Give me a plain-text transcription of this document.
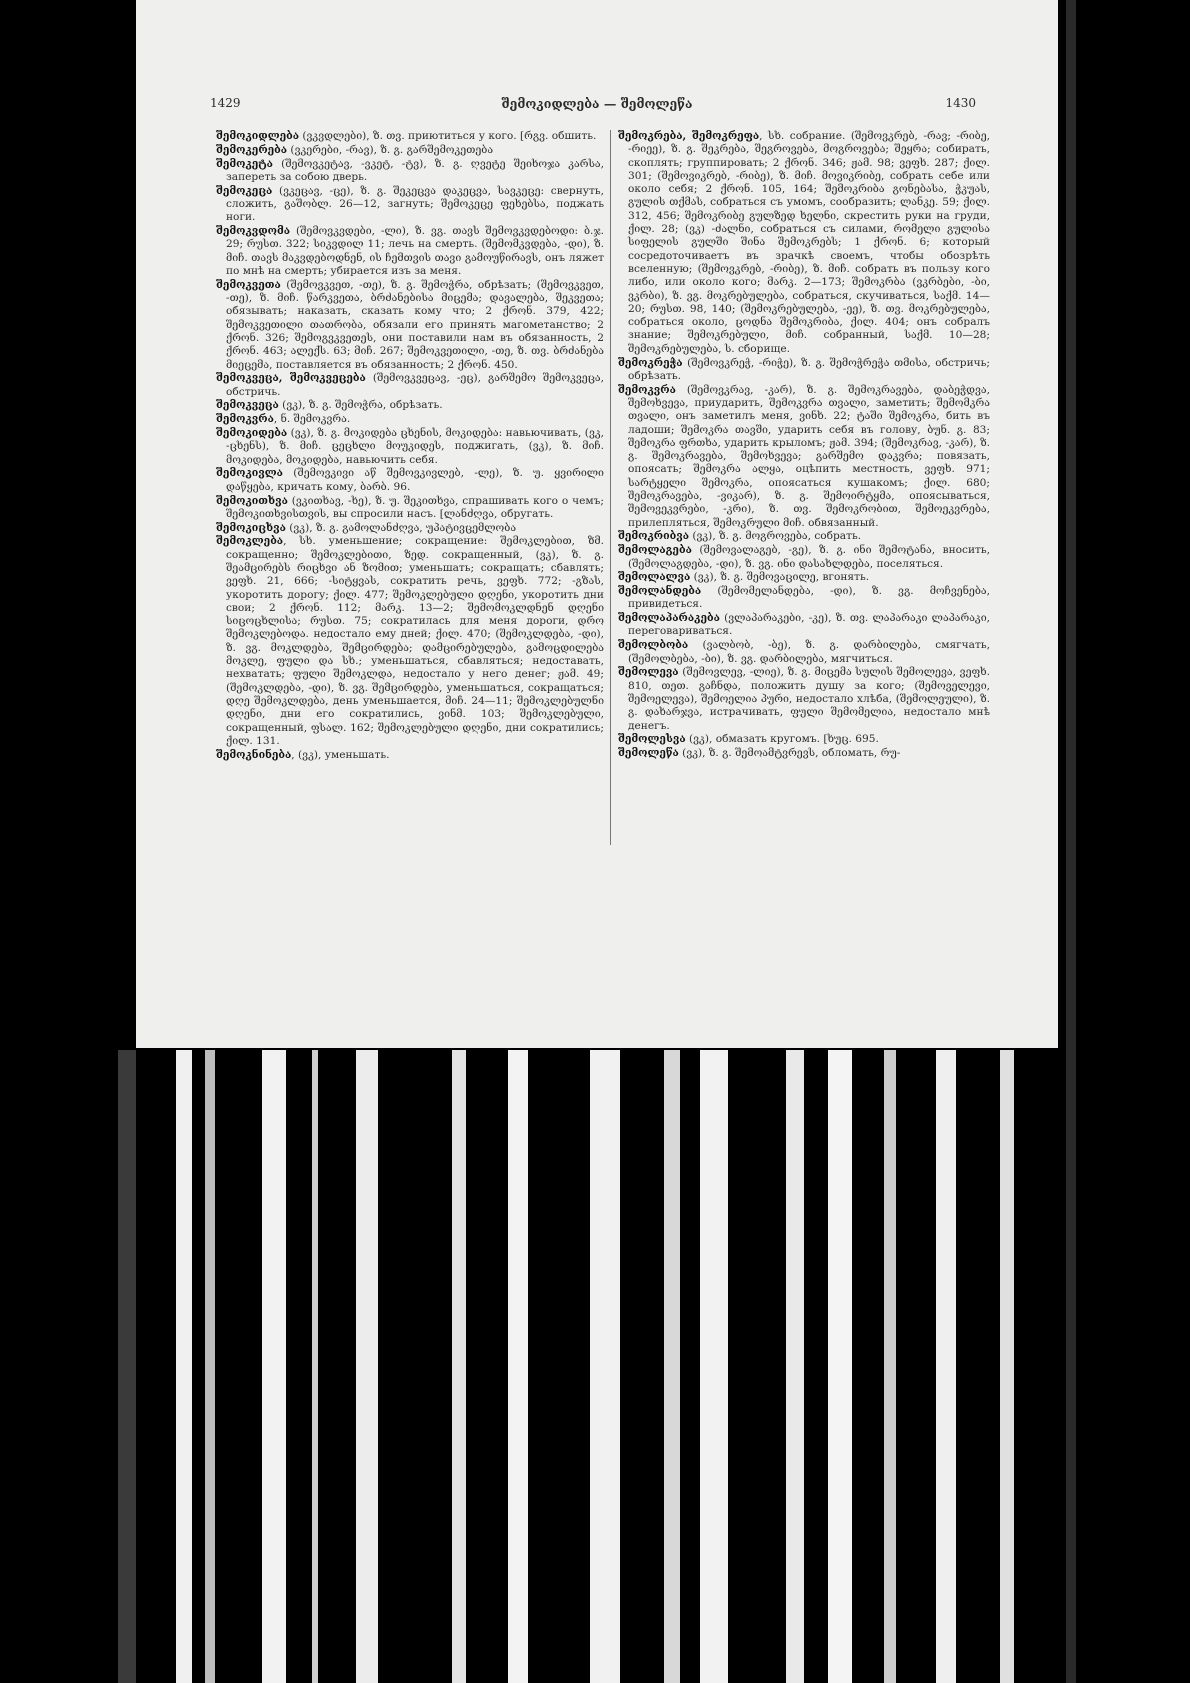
1429	შემოკიდლება — შემოლეწა	1430
შემოკიდლება (ვკვდლები), ზ. თვ. приютиться у кого. [რგვ. обшить.
შემოკერება (ვკერები, -რავ), ზ. გ. გარშემოკეთება
შემოკეტა (შემოვკეტავ, -ვკეტ, -ტვ), ზ. გ. ღვეტე შეიხოჯა კარსა, запереть за собою дверь.
შემოკეცა (ვკეცავ, -ცე), ზ. გ. შეკეცვა დაკეცვა, სავკეცე: свернуть, сложить, გაშობლ. 26—12, загнуть; შემოკეცე ფეხებსა, поджать ноги.
შემოკვდომა (შემოვკვდები, -ლი), ზ. ვგ. თავს შემოვკვდებოდი: ბ.ჯ. 29; რუსთ. 322; სიკვდილ 11; лечь на смерть. (შემომკვდება, -დი), ზ. მიჩ. თავს მაკვდებოდნენ, ის ჩემთვის თავი გამოუწირავს, онъ ляжет по мнѣ на смерть; убирается изъ за меня.
შემოკვეთა (შემოვკვეთ, -თე), ზ. გ. შემოჭრა, обрѣзать; (შემოვკვეთ, -თე), ზ. მიჩ. წარკვეთა, ბრძანებისა მიცემა; დავალება, შეკვეთა; обязывать; наказать, сказать кому что; 2 ქრონ. 379, 422; შემოკვეთილი თათრობა, обязали его принять магометанство; 2 ქრონ. 326; შემოგვკვეთეს, они поставили нам въ обязанность, 2 ქრონ. 463; ალექს. 63; მიჩ. 267; შემოკვეთილი, -თე, ზ. თვ. ბრძანება მიეცემა, поставляется въ обязанность; 2 ქრონ. 450.
შემოკვეცა, შემოკვეცება (შემოვკვეცავ, -ეც), გარშემო შემოკვეცა, обстричь.
შემოკვეცა (ვკ), ზ. გ. შემოჭრა, обрѣзать.
შემოკვრა, ნ. შემოკვრა.
შემოკიდება (ვკ), ზ. გ. მოკიდება ცხენის, მოკიდება: навьючивать, (ვკ, -ცხენს), ზ. მიჩ. ცეცხლი მოუკიდეს, поджигать, (ვკ), ზ. მიჩ. მოკიდება, მოკიდება, навьючить себя.
შემოკივლა (შემოვკივი აწ შემოვკივლებ, -ლე), ზ. უ. ყვირილი დაწყება, кричать кому, ბარბ. 96.
შემოკითხვა (ვკითხავ, -ხე), ზ. უ. შეკითხვა, спрашивать кого о чемъ; შემოკითხვისთვის, вы спросили насъ. [ლანძღვა, обругать.
შემოკიცხვა (ვკ), ზ. გ. გამოლანძღვა, უპატივცემლობა
შემოკლება, სხ. уменьшение; сокращение: შემოკლებით, ზმ. сокращенно; შემოკლებითი, ზედ. сокращенный, (ვკ), ზ. გ. შეამცირებს რიცხვი ან ზომით; уменьшать; сокращать; сбавлять; ვეფხ. 21, 666; -სიტყვას, сократить речь, ვეფხ. 772; -გზას, укоротить дорогу; ქილ. 477; შემოკლებული დღენი, укоротить дни свои; 2 ქრონ. 112; მარკ. 13—2; შემომოკლდნენ დღენი სიცოცხლისა; რუსთ. 75; сократилась для меня дороги, დრო შემოკლებოდა. недостало ему дней; ქილ. 470; (შემოკლდება, -დი), ზ. ვგ. მოკლდება, შემცირდება; დამცირებულება, გამოცდილება მოკლე, ფული და სხ.; уменьшаться, сбавляться; недоставать, нехватать; ფული შემოკლდა, недостало у него денег; ჟამ. 49; (შემოკლდება, -დი), ზ. ვგ. შემცირდება, уменьшаться, сокращаться; დღე შემოკლდება, день уменьшается, მიჩ. 24—11; შემოკლებულნი დღენი, дни его сократились, ვინმ. 103; შემოკლებული, сокращенный, ფსალ. 162; შემოკლებული დღენი, дни сократились; ქილ. 131.
შემოკნინება, (ვკ), уменьшать.
შემოკრება, შემოკრეფა, სხ. собрание. (შემოვკრებ, -რავ; -რიბე, -რიეე), ზ. გ. შეკრება, შეგროვება, მოგროვება; შეყრა; собирать, скоплять; группировать; 2 ქრონ. 346; ჟამ. 98; ვეფხ. 287; ქილ. 301; (შემოვიკრებ, -რიბე), ზ. მიჩ. მოვიკრიბე, собрать себе или около себя; 2 ქრონ. 105, 164; შემოკრიბა გონებასა, ჭკუას, გულის თქმას, собраться съ умомъ, сообразить; ლანკე. 59; ქილ. 312, 456; შემოკრიბე გულზედ ხელნი, скрестить руки на груди, ქილ. 28; (ვკ) -ძალნი, собраться съ силами, რომელი გულისა სიფელის გულში შინა შემოკრებს; 1 ქრონ. 6; который сосредоточиваетъ въ зрачкѣ своемъ, чтобы обозрѣть вселенную; (შემოვკრებ, -რიბე), ზ. მიჩ. собрать въ пользу кого либо, или около кого; მარკ. 2—173; შემოკრბა (ვკრბები, -ბი, ვკრბი), ზ. ვგ. მოკრებულება, собраться, скучиваться, საქმ. 14—20; რუსთ. 98, 140; (შემოკრებულება, -ეე), ზ. თვ. მოკრებულება, собраться около, ცოდნა შემოკრიბა, ქილ. 404; онъ собралъ знание; შემოკრებული, მიჩ. собранный, საქმ. 10—28; შემოკრებულება, ს. сборище.
შემოკრეჭა (შემოვკრეჭ, -რიჭე), ზ. გ. შემოჭრეჭა თმისა, обстричь; обрѣзать.
შემოკვრა (შემოვკრავ, -კარ), ზ. გ. შემოკრავება, დაბეჭდვა, შემოხვევა, приударить, შემოკვრა თვალი, заметить; შემომკრა თვალი, онъ заметилъ меня, ვინხ. 22; ტაში შემოკრა, бить въ ладоши; შემოკრა თავში, ударить себя въ голову, ბუნ. გ. 83; შემოკრა ფრთხა, ударить крыломъ; ჟამ. 394; (შემოკრავ, -კარ), ზ. გ. შემოკრავება, შემოხვევა; გარშემო დაკვრა; повязать, опоясать; შემოკრა ალყა, оцѣпить местность, ვეფხ. 971; სარტყელი შემოკრა, опоясаться кушакомъ; ქილ. 680; შემოკრავება, -ვიკარ), ზ. გ. შემოირტყმა, опоясываться, შემოვეკვრები, -კრი), ზ. თვ. შემოკრობით, შემოეკვრება, прилепляться, შემოკრული მიჩ. обвязанный.
შემოკრიბვა (ვკ), ზ. გ. მოგროვება, собрать.
შემოლაგება (შემოვალაგებ, -გე), ზ. გ. ინი შემოტანა, вносить, (შემოლაგდება, -დი), ზ. ვგ. ინი დასახლდება, поселяться.
შემოლალვა (ვკ), ზ. გ. შემოვაცილე, вгонять.
შემოლანდება (შემომელანდება, -დი), ზ. ვგ. მოჩვენება, привидеться.
შემოლაპარაკება (ვლაპარაკები, -კე), ზ. თვ. ლაპარაკი ლაპარაკი, переговариваться.
შემოლბობა (ვალბობ, -ბე), ზ. გ. დარბილება, смягчать, (შემოლბება, -ბი), ზ. ვგ. დარბილება, мягчиться.
შემოლევა (შემოვლევ, -ლიე), ზ. გ. მიცემა სულის შემოლევა, ვეფხ. 810, თეთ. გაჩნდა, положить душу за кого; (შემოველევი, შემოელევა), შემოელია პური, недостало хлѣба, (შემოლეული), ზ. გ. დახარჯვა, истрачивать, ფული შემომელია, недостало мнѣ денегъ.
შემოლესვა (ვკ), обмазать кругомъ. [ხუც. 695.
შემოლეწა (ვკ), ზ. გ. შემოამტვრევს, обломать, რუ-
